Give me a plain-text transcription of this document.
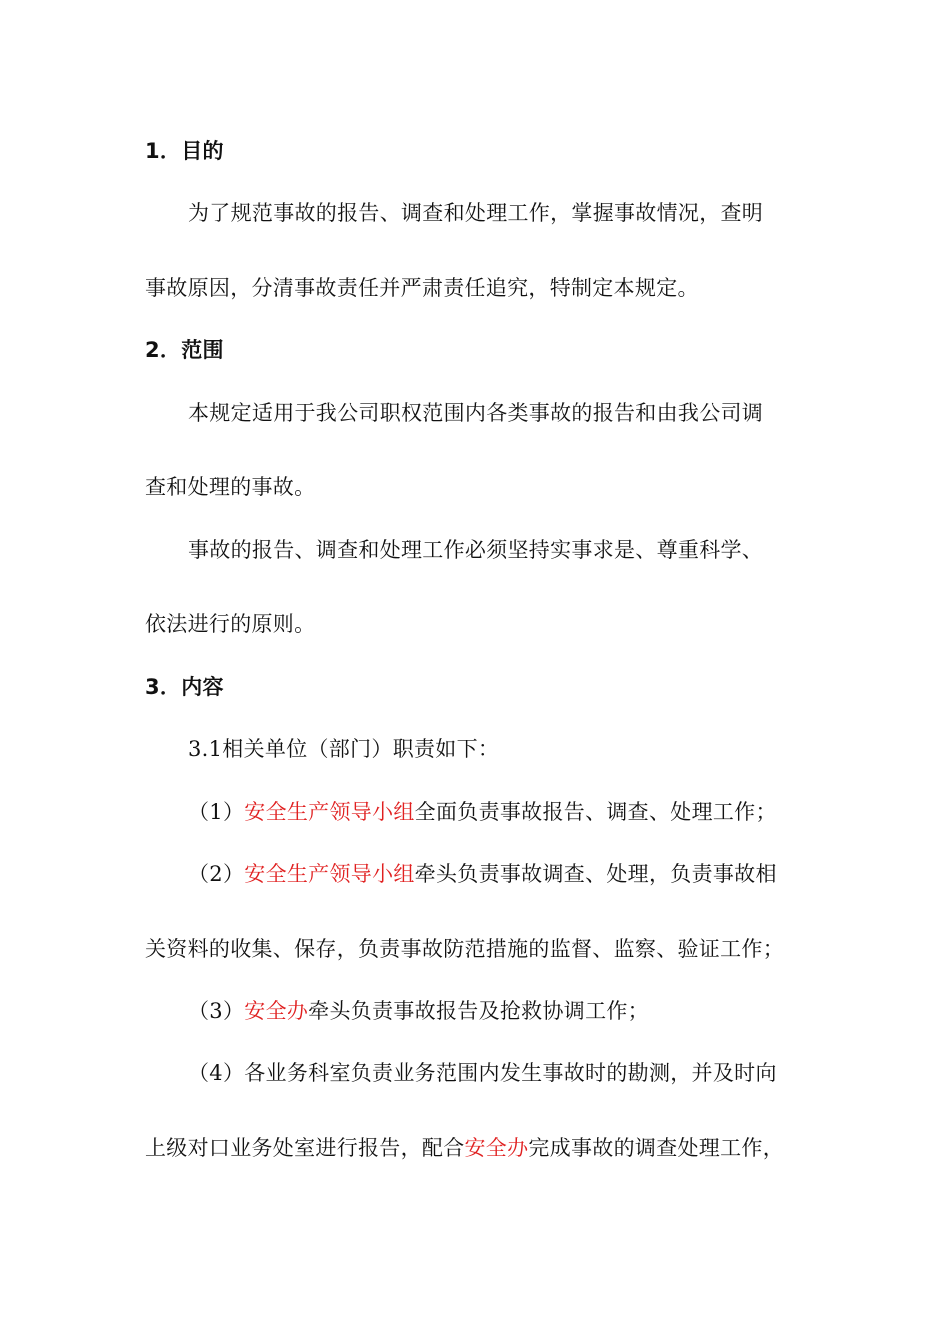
1．目的
为了规范事故的报告、调查和处理工作，掌握事故情况，查明
事故原因，分清事故责任并严肃责任追究，特制定本规定。
2．范围
本规定适用于我公司职权范围内各类事故的报告和由我公司调
查和处理的事故。
事故的报告、调查和处理工作必须坚持实事求是、尊重科学、
依法进行的原则。
3．内容
3.1相关单位（部门）职责如下：
（1）安全生产领导小组全面负责事故报告、调查、处理工作；
（2）安全生产领导小组牵头负责事故调查、处理，负责事故相
关资料的收集、保存，负责事故防范措施的监督、监察、验证工作；
（3）安全办牵头负责事故报告及抢救协调工作；
（4）各业务科室负责业务范围内发生事故时的勘测，并及时向
上级对口业务处室进行报告，配合安全办完成事故的调查处理工作，
